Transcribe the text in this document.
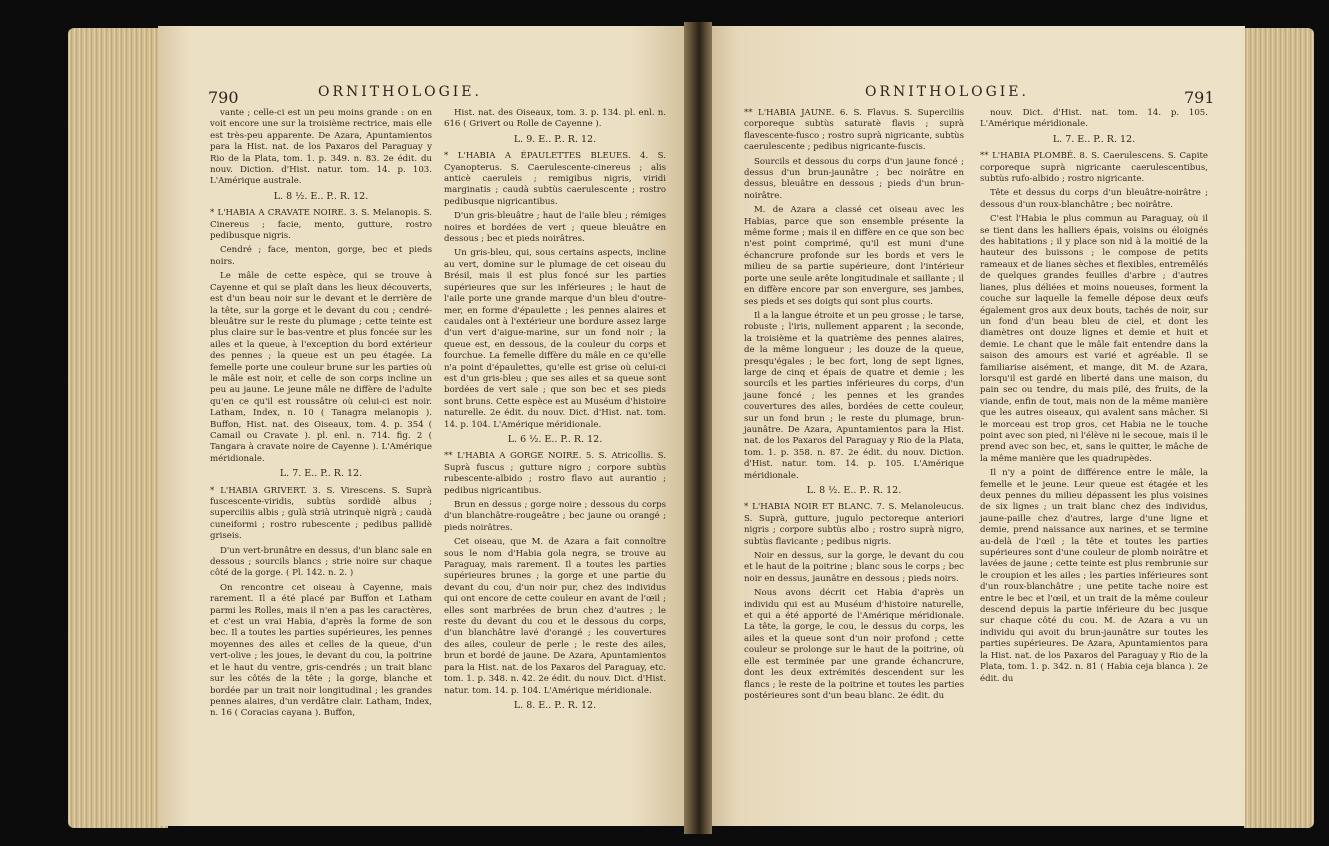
790	ORNITHOLOGIE.

vante ; celle-ci est un peu moins grande : on en voit encore une sur la troisième rectrice, mais elle est très-peu apparente. De Azara, Apuntamientos para la Hist. nat. de los Paxaros del Paraguay y Rio de la Plata, tom. 1. p. 349. n. 83. 2e édit. du nouv. Diction. d'Hist. natur. tom. 14. p. 103. L'Amérique australe.

L. 8 ½. E.. P.. R. 12.

* L'HABIA A CRAVATE NOIRE. 3. S. Melanopis. S. Cinereus ; facie, mento, gutture, rostro pedibusque nigris.

Cendré ; face, menton, gorge, bec et pieds noirs.

Le mâle de cette espèce, qui se trouve à Cayenne et qui se plaît dans les lieux découverts, est d'un beau noir sur le devant et le derrière de la tête, sur la gorge et le devant du cou ; cendré-bleuâtre sur le reste du plumage ; cette teinte est plus claire sur le bas-ventre et plus foncée sur les ailes et la queue, à l'exception du bord extérieur des pennes ; la queue est un peu étagée. La femelle porte une couleur brune sur les parties où le mâle est noir, et celle de son corps incline un peu au jaune. Le jeune mâle ne diffère de l'adulte qu'en ce qu'il est roussâtre où celui-ci est noir. Latham, Index, n. 10 ( Tanagra melanopis ). Buffon, Hist. nat. des Oiseaux, tom. 4. p. 354 ( Camail ou Cravate ). pl. enl. n. 714. fig. 2 ( Tangara à cravate noire de Cayenne ). L'Amérique méridionale.

L. 7. E.. P.. R. 12.

* L'HABIA GRIVERT. 3. S. Virescens. S. Suprà fuscescente-viridis, subtùs sordidè albus ; superciliis albis ; gulà strià utrinquè nigrà ; caudà cuneiformi ; rostro rubescente ; pedibus pallidè griseis.

D'un vert-brunâtre en dessus, d'un blanc sale en dessous ; sourcils blancs ; strie noire sur chaque côté de la gorge. ( Pl. 142. n. 2. )

On rencontre cet oiseau à Cayenne, mais rarement. Il a été placé par Buffon et Latham parmi les Rolles, mais il n'en a pas les caractères, et c'est un vrai Habia, d'après la forme de son bec. Il a toutes les parties supérieures, les pennes moyennes des ailes et celles de la queue, d'un vert-olive ; les joues, le devant du cou, la poitrine et le haut du ventre, gris-cendrés ; un trait blanc sur les côtés de la tête ; la gorge, blanche et bordée par un trait noir longitudinal ; les grandes pennes alaires, d'un verdâtre clair. Latham, Index, n. 16 ( Coracias cayana ). Buffon,

Hist. nat. des Oiseaux, tom. 3. p. 134. pl. enl. n. 616 ( Grivert ou Rolle de Cayenne ).

L. 9. E.. P.. R. 12.

* L'HABIA A ÉPAULETTES BLEUES. 4. S. Cyanopterus. S. Caerulescente-cinereus ; alis anticè caeruleis ; remigibus nigris, viridi marginatis ; caudà subtùs caerulescente ; rostro pedibusque nigricantibus.

D'un gris-bleuâtre ; haut de l'aile bleu ; rémiges noires et bordées de vert ; queue bleuâtre en dessous ; bec et pieds noirâtres.

Un gris-bleu, qui, sous certains aspects, incline au vert, domine sur le plumage de cet oiseau du Brésil, mais il est plus foncé sur les parties supérieures que sur les inférieures ; le haut de l'aile porte une grande marque d'un bleu d'outre-mer, en forme d'épaulette ; les pennes alaires et caudales ont à l'extérieur une bordure assez large d'un vert d'aigue-marine, sur un fond noir ; la queue est, en dessous, de la couleur du corps et fourchue. La femelle diffère du mâle en ce qu'elle n'a point d'épaulettes, qu'elle est grise où celui-ci est d'un gris-bleu ; que ses ailes et sa queue sont bordées de vert sale ; que son bec et ses pieds sont bruns. Cette espèce est au Muséum d'histoire naturelle. 2e édit. du nouv. Dict. d'Hist. nat. tom. 14. p. 104. L'Amérique méridionale.

L. 6 ½. E.. P.. R. 12.

** L'HABIA A GORGE NOIRE. 5. S. Atricollis. S. Suprà fuscus ; gutture nigro ; corpore subtùs rubescente-albido ; rostro flavo aut aurantio ; pedibus nigricantibus.

Brun en dessus ; gorge noire ; dessous du corps d'un blanchâtre-rougeâtre ; bec jaune ou orangé ; pieds noirâtres.

Cet oiseau, que M. de Azara a fait connoître sous le nom d'Habia gola negra, se trouve au Paraguay, mais rarement. Il a toutes les parties supérieures brunes ; la gorge et une partie du devant du cou, d'un noir pur, chez des individus qui ont encore de cette couleur en avant de l'œil ; elles sont marbrées de brun chez d'autres ; le reste du devant du cou et le dessous du corps, d'un blanchâtre lavé d'orangé ; les couvertures des ailes, couleur de perle ; le reste des ailes, brun et bordé de jaune. De Azara, Apuntamientos para la Hist. nat. de los Paxaros del Paraguay, etc. tom. 1. p. 348. n. 42. 2e édit. du nouv. Dict. d'Hist. natur. tom. 14. p. 104. L'Amérique méridionale.

L. 8. E.. P.. R. 12.

ORNITHOLOGIE.	791

** L'HABIA JAUNE. 6. S. Flavus. S. Superciliis corporeque subtùs saturatè flavis ; suprà flavescente-fusco ; rostro suprà nigricante, subtùs caerulescente ; pedibus nigricante-fuscis.

Sourcils et dessous du corps d'un jaune foncé ; dessus d'un brun-jaunâtre ; bec noirâtre en dessus, bleuâtre en dessous ; pieds d'un brun-noirâtre.

M. de Azara a classé cet oiseau avec les Habias, parce que son ensemble présente la même forme ; mais il en diffère en ce que son bec n'est point comprimé, qu'il est muni d'une échancrure profonde sur les bords et vers le milieu de sa partie supérieure, dont l'intérieur porte une seule arête longitudinale et saillante ; il en diffère encore par son envergure, ses jambes, ses pieds et ses doigts qui sont plus courts.

Il a la langue étroite et un peu grosse ; le tarse, robuste ; l'iris, nullement apparent ; la seconde, la troisième et la quatrième des pennes alaires, de la même longueur ; les douze de la queue, presqu'égales ; le bec fort, long de sept lignes, large de cinq et épais de quatre et demie ; les sourcils et les parties inférieures du corps, d'un jaune foncé ; les pennes et les grandes couvertures des ailes, bordées de cette couleur, sur un fond brun ; le reste du plumage, brun-jaunâtre. De Azara, Apuntamientos para la Hist. nat. de los Paxaros del Paraguay y Rio de la Plata, tom. 1. p. 358. n. 87. 2e édit. du nouv. Diction. d'Hist. natur. tom. 14. p. 105. L'Amérique méridionale.

L. 8 ½. E.. P.. R. 12.

* L'HABIA NOIR ET BLANC. 7. S. Melanoleucus. S. Suprà, gutture, jugulo pectoreque anteriori nigris ; corpore subtùs albo ; rostro suprà nigro, subtùs flavicante ; pedibus nigris.

Noir en dessus, sur la gorge, le devant du cou et le haut de la poitrine ; blanc sous le corps ; bec noir en dessus, jaunâtre en dessous ; pieds noirs.

Nous avons décrit cet Habia d'après un individu qui est au Muséum d'histoire naturelle, et qui a été apporté de l'Amérique méridionale. La tête, la gorge, le cou, le dessus du corps, les ailes et la queue sont d'un noir profond ; cette couleur se prolonge sur le haut de la poitrine, où elle est terminée par une grande échancrure, dont les deux extrémités descendent sur les flancs ; le reste de la poitrine et toutes les parties postérieures sont d'un beau blanc. 2e édit. du

nouv. Dict. d'Hist. nat. tom. 14. p. 105. L'Amérique méridionale.

L. 7. E.. P.. R. 12.

** L'HABIA PLOMBÉ. 8. S. Caerulescens. S. Capite corporeque suprà nigricante caerulescentibus, subtùs rufo-albido ; rostro nigricante.

Tête et dessus du corps d'un bleuâtre-noirâtre ; dessous d'un roux-blanchâtre ; bec noirâtre.

C'est l'Habia le plus commun au Paraguay, où il se tient dans les halliers épais, voisins ou éloignés des habitations ; il y place son nid à la moitié de la hauteur des buissons ; le compose de petits rameaux et de lianes sèches et flexibles, entremêlés de quelques grandes feuilles d'arbre ; d'autres lianes, plus déliées et moins noueuses, forment la couche sur laquelle la femelle dépose deux œufs également gros aux deux bouts, tachés de noir, sur un fond d'un beau bleu de ciel, et dont les diamètres ont douze lignes et demie et huit et demie. Le chant que le mâle fait entendre dans la saison des amours est varié et agréable. Il se familiarise aisément, et mange, dit M. de Azara, lorsqu'il est gardé en liberté dans une maison, du pain sec ou tendre, du mais pilé, des fruits, de la viande, enfin de tout, mais non de la même manière que les autres oiseaux, qui avalent sans mâcher. Si le morceau est trop gros, cet Habia ne le touche point avec son pied, ni l'élève ni le secoue, mais il le prend avec son bec, et, sans le quitter, le mâche de la même manière que les quadrupèdes.

Il n'y a point de différence entre le mâle, la femelle et le jeune. Leur queue est étagée et les deux pennes du milieu dépassent les plus voisines de six lignes ; un trait blanc chez des individus, jaune-paille chez d'autres, large d'une ligne et demie, prend naissance aux narines, et se termine au-delà de l'œil ; la tête et toutes les parties supérieures sont d'une couleur de plomb noirâtre et lavées de jaune ; cette teinte est plus rembrunie sur le croupion et les ailes ; les parties inférieures sont d'un roux-blanchâtre ; une petite tache noire est entre le bec et l'œil, et un trait de la même couleur descend depuis la partie inférieure du bec jusque sur chaque côté du cou. M. de Azara a vu un individu qui avoit du brun-jaunâtre sur toutes les parties supérieures. De Azara, Apuntamientos para la Hist. nat. de los Paxaros del Paraguay y Rio de la Plata, tom. 1. p. 342. n. 81 ( Habia ceja blanca ). 2e édit. du
